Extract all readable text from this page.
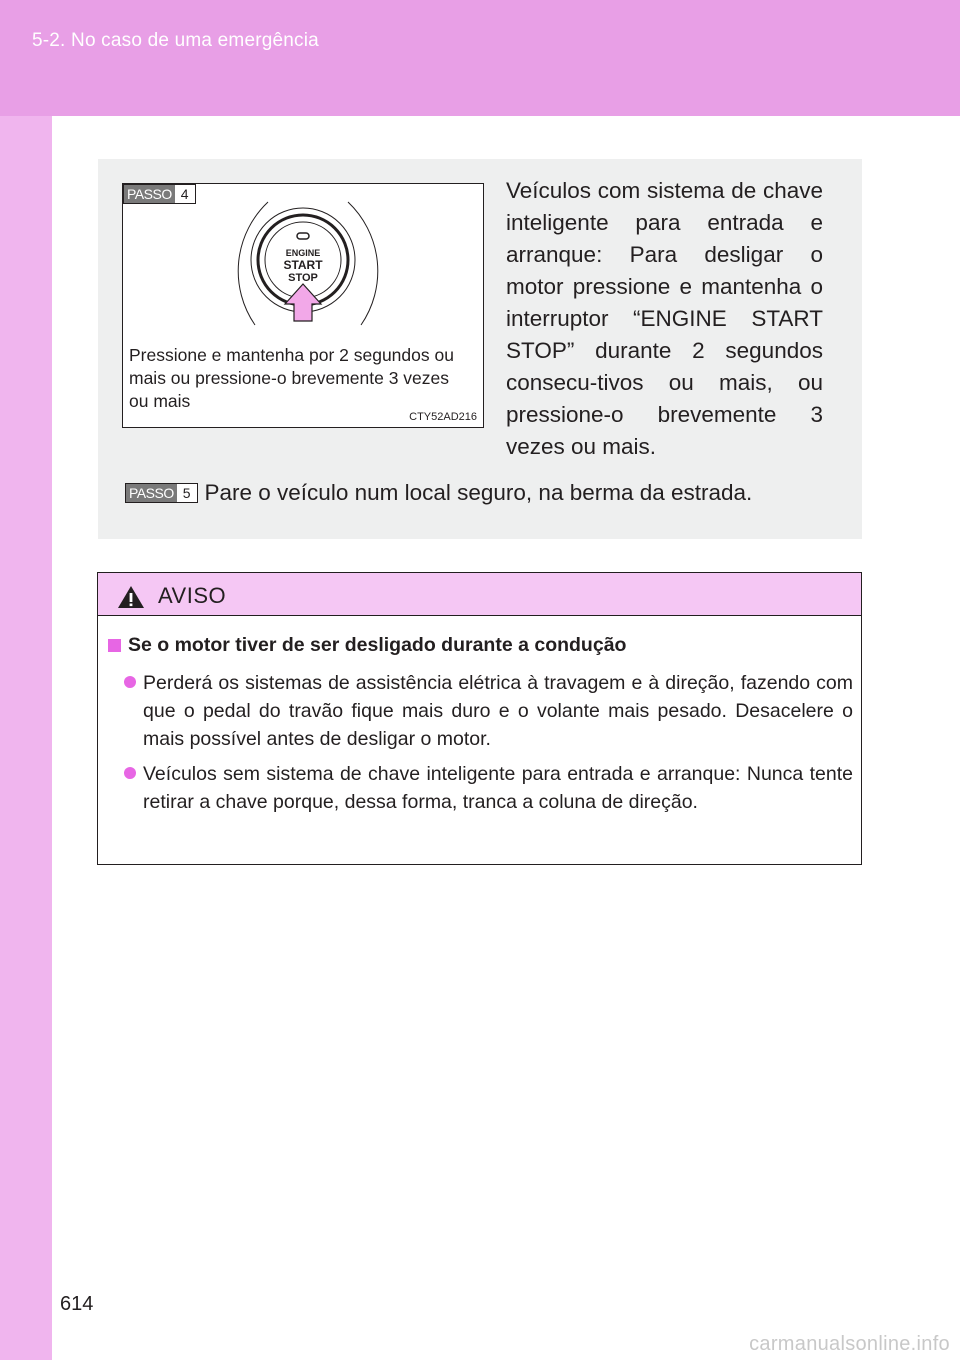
5-2. No caso de uma emergência
PASSO 4
ENGINE
START
STOP
Pressione e mantenha por 2 segundos ou mais ou pressione-o brevemente 3 vezes ou mais
CTY52AD216
Veículos com sistema de chave inteligente para entrada e arranque: Para desligar o motor pressione e mantenha o interruptor “ENGINE START STOP” durante 2 segundos consecu-tivos ou mais, ou pressione-o brevemente 3 vezes ou mais.
PASSO 5 Pare o veículo num local seguro, na berma da estrada.
AVISO
Se o motor tiver de ser desligado durante a condução
Perderá os sistemas de assistência elétrica à travagem e à direção, fazendo com que o pedal do travão fique mais duro e o volante mais pesado. Desacelere o mais possível antes de desligar o motor.
Veículos sem sistema de chave inteligente para entrada e arranque: Nunca tente retirar a chave porque, dessa forma, tranca a coluna de direção.
614
carmanualsonline.info
